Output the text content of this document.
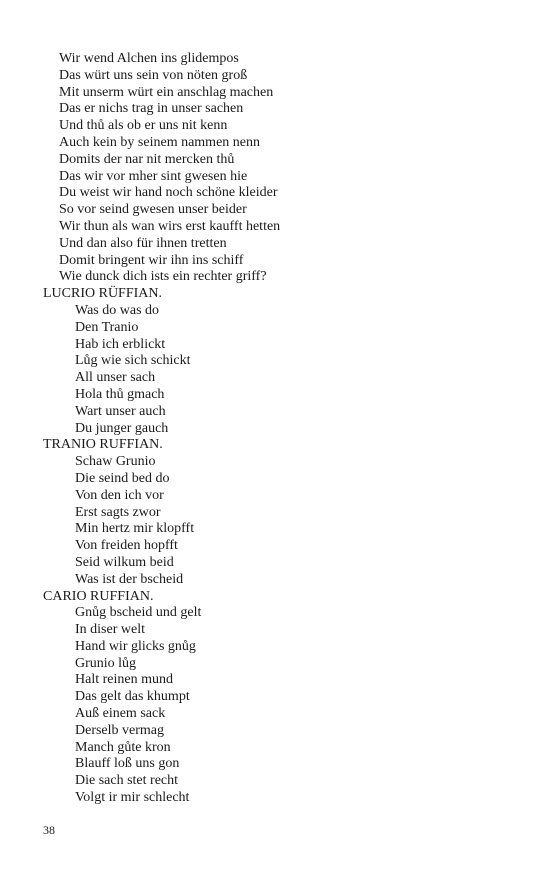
Wir wend Alchen ins glidempos
Das würt uns sein von nöten groß
Mit unserm würt ein anschlag machen
Das er nichs trag in unser sachen
Und thů als ob er uns nit kenn
Auch kein by seinem nammen nenn
Domits der nar nit mercken thů
Das wir vor mher sint gwesen hie
Du weist wir hand noch schöne kleider
So vor seind gwesen unser beider
Wir thun als wan wirs erst kaufft hetten
Und dan also für ihnen tretten
Domit bringent wir ihn ins schiff
Wie dunck dich ists ein rechter griff?
LUCRIO RÜFFIAN.
Was do was do
Den Tranio
Hab ich erblickt
Lůg wie sich schickt
All unser sach
Hola thů gmach
Wart unser auch
Du junger gauch
TRANIO RUFFIAN.
Schaw Grunio
Die seind bed do
Von den ich vor
Erst sagts zwor
Min hertz mir klopfft
Von freiden hopfft
Seid wilkum beid
Was ist der bscheid
CARIO RUFFIAN.
Gnůg bscheid und gelt
In diser welt
Hand wir glicks gnůg
Grunio lůg
Halt reinen mund
Das gelt das khumpt
Auß einem sack
Derselb vermag
Manch gůte kron
Blauff loß uns gon
Die sach stet recht
Volgt ir mir schlecht
38
